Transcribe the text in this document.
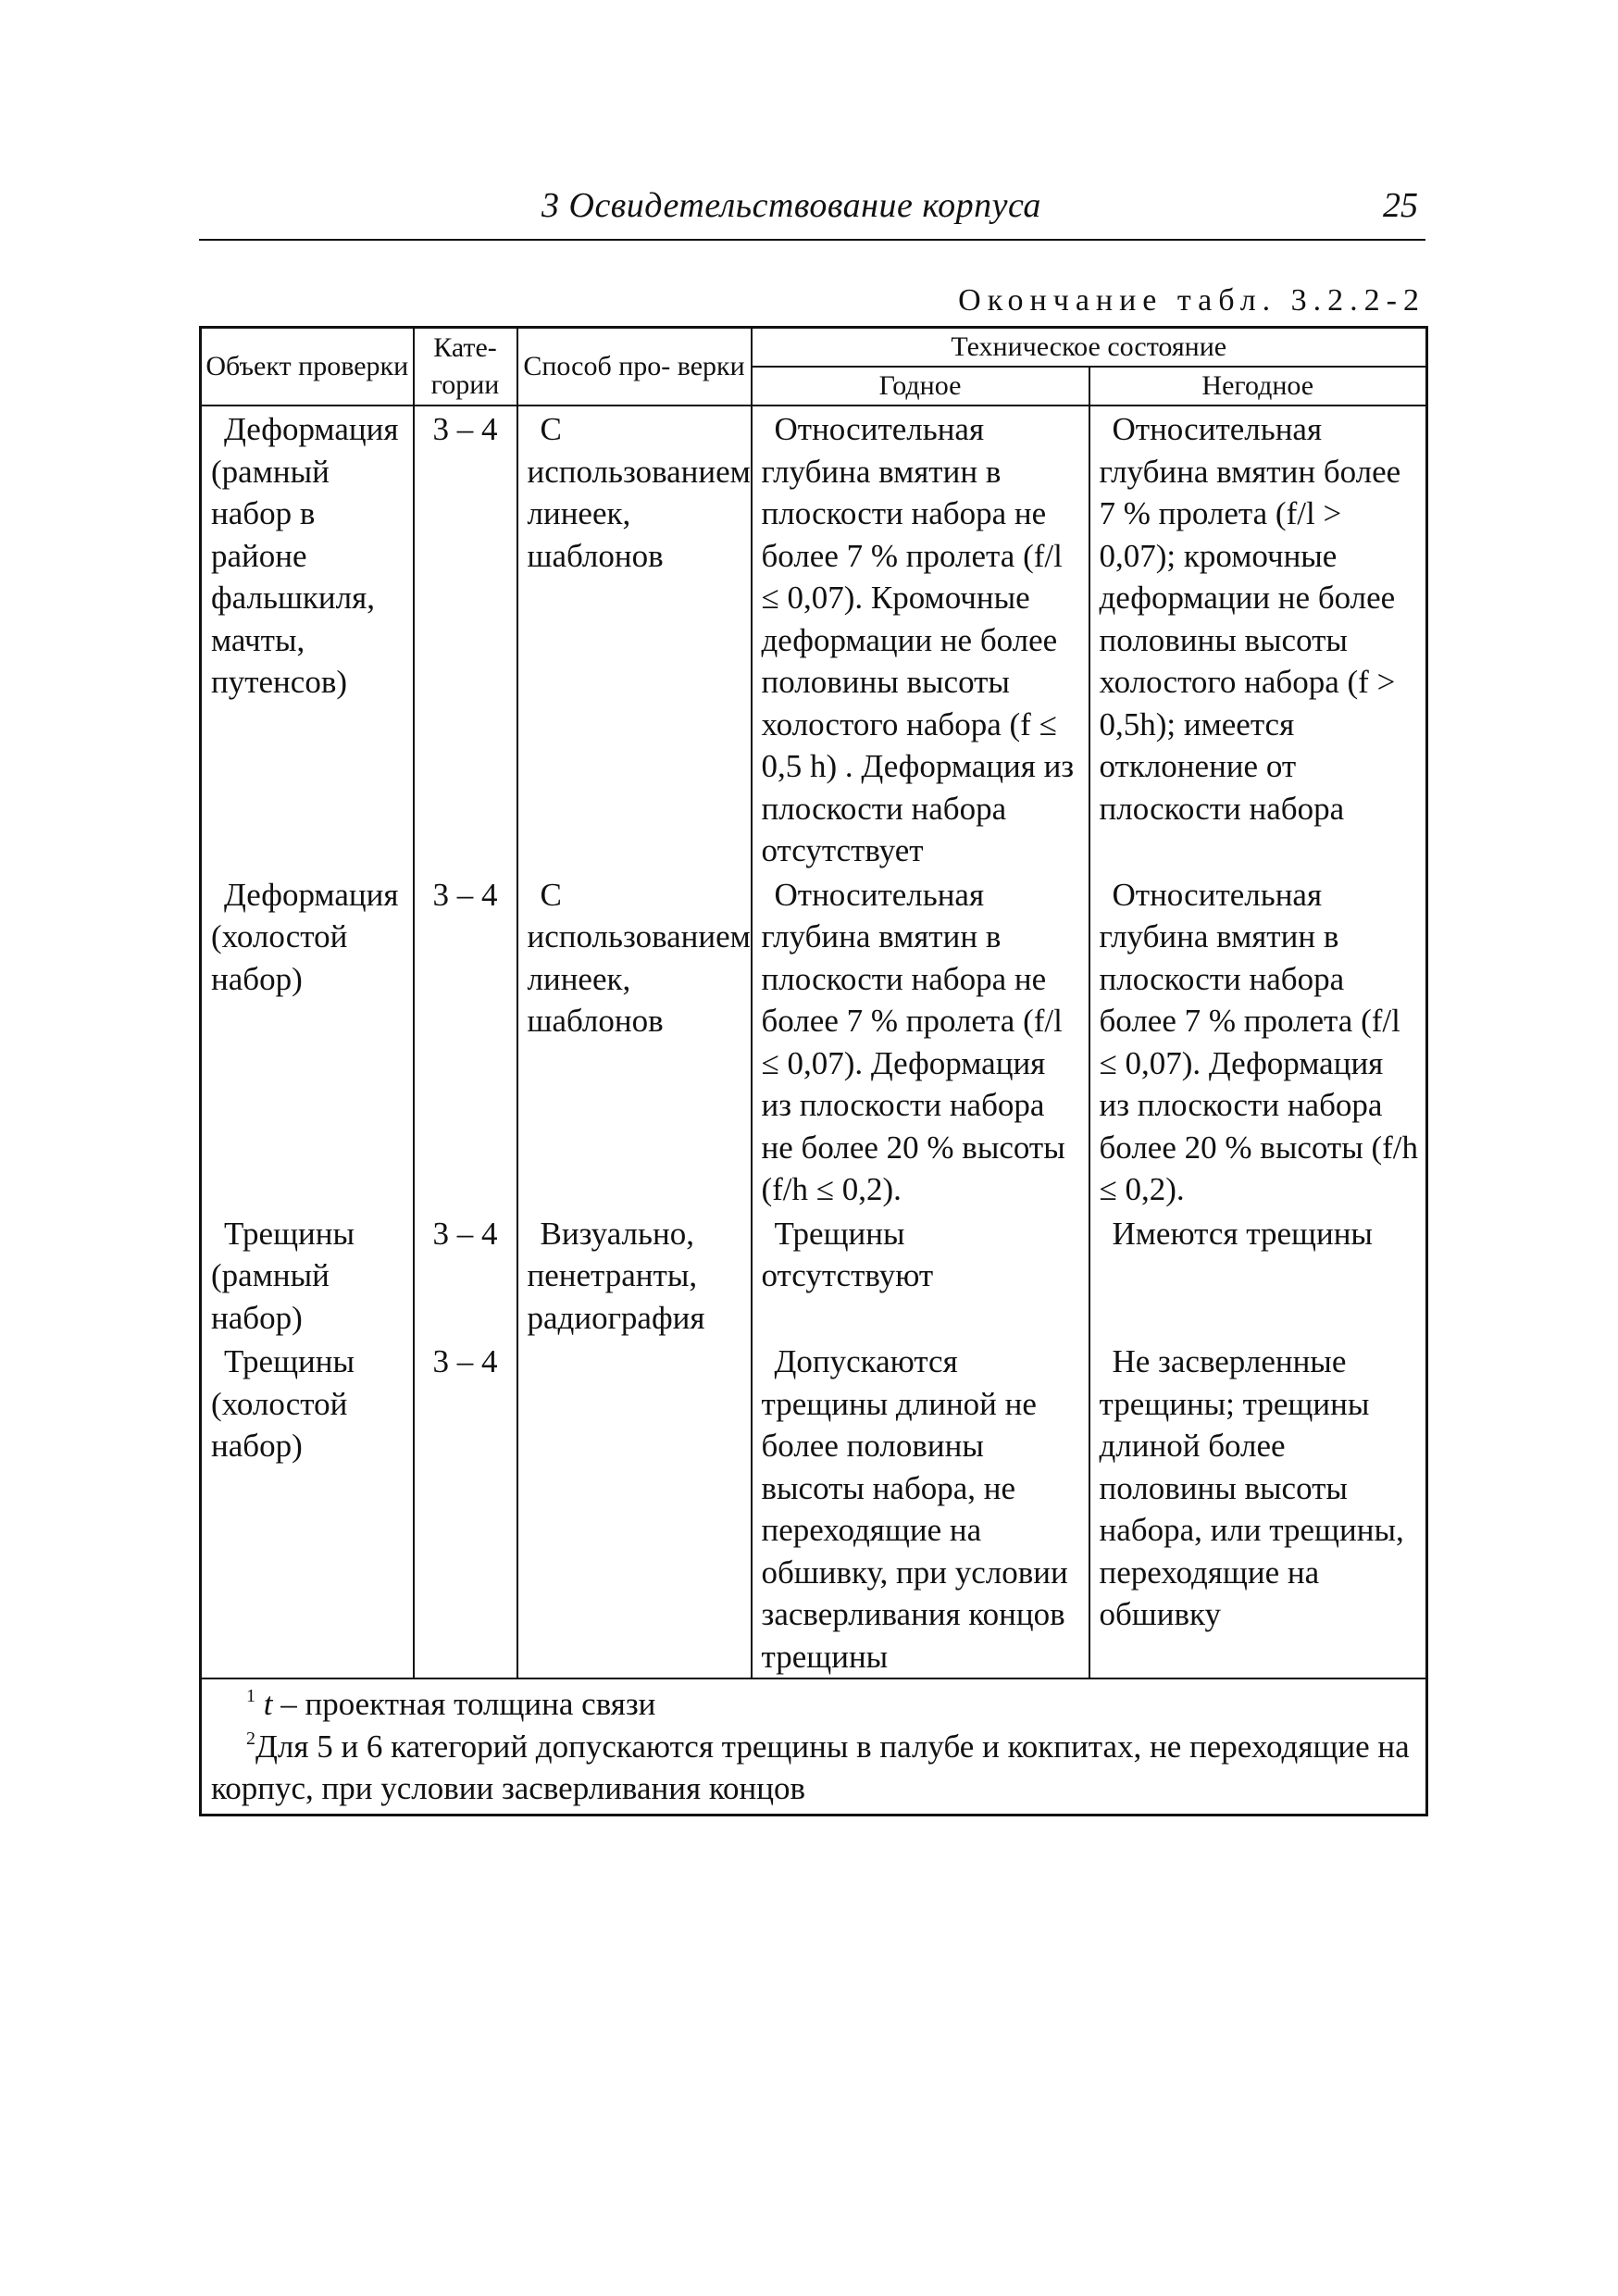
3 Освидетельствование корпуса	25
Окончание табл. 3.2.2-2
Объект проверки	Кате- гории	Способ про- верки	Техническое состояние	
			Годное	Негодное

Деформация (рамный набор в районе фальшкиля, мачты, путенсов)	3 – 4	С использованием линеек, шаблонов	Относительная глубина вмятин в плоскости набора не более 7 % пролета (f/l ≤ 0,07). Кромочные деформации не более половины высоты холостого набора (f ≤ 0,5 h) . Деформация из плоскости набора отсутствует	Относительная глубина вмятин более 7 % пролета (f/l > 0,07); кромочные деформации не более половины высоты холостого набора (f > 0,5h); имеется отклонение от плоскости набора

Деформация (холостой набор)	3 – 4	С использованием линеек, шаблонов	Относительная глубина вмятин в плоскости набора не более 7 % пролета (f/l ≤ 0,07). Деформация из плоскости набора не более 20 % высоты (f/h ≤ 0,2).	Относительная глубина вмятин в плоскости набора более 7 % пролета (f/l ≤ 0,07). Деформация из плоскости набора более 20 % высоты (f/h ≤ 0,2).

Трещины (рамный набор)	3 – 4	Визуально, пенетранты, радиография	Трещины отсутствуют	Имеются трещины

Трещины (холостой набор)	3 – 4		Допускаются трещины длиной не более половины высоты набора, не переходящие на обшивку, при условии засверливания концов трещины	Не засверленные трещины; трещины длиной более половины высоты набора, или трещины, переходящие на обшивку

$^1$ t – проектная толщина связи
$^2$Для 5 и 6 категорий допускаются трещины в палубе и кокпитах, не переходящие на корпус, при условии засверливания концов				
